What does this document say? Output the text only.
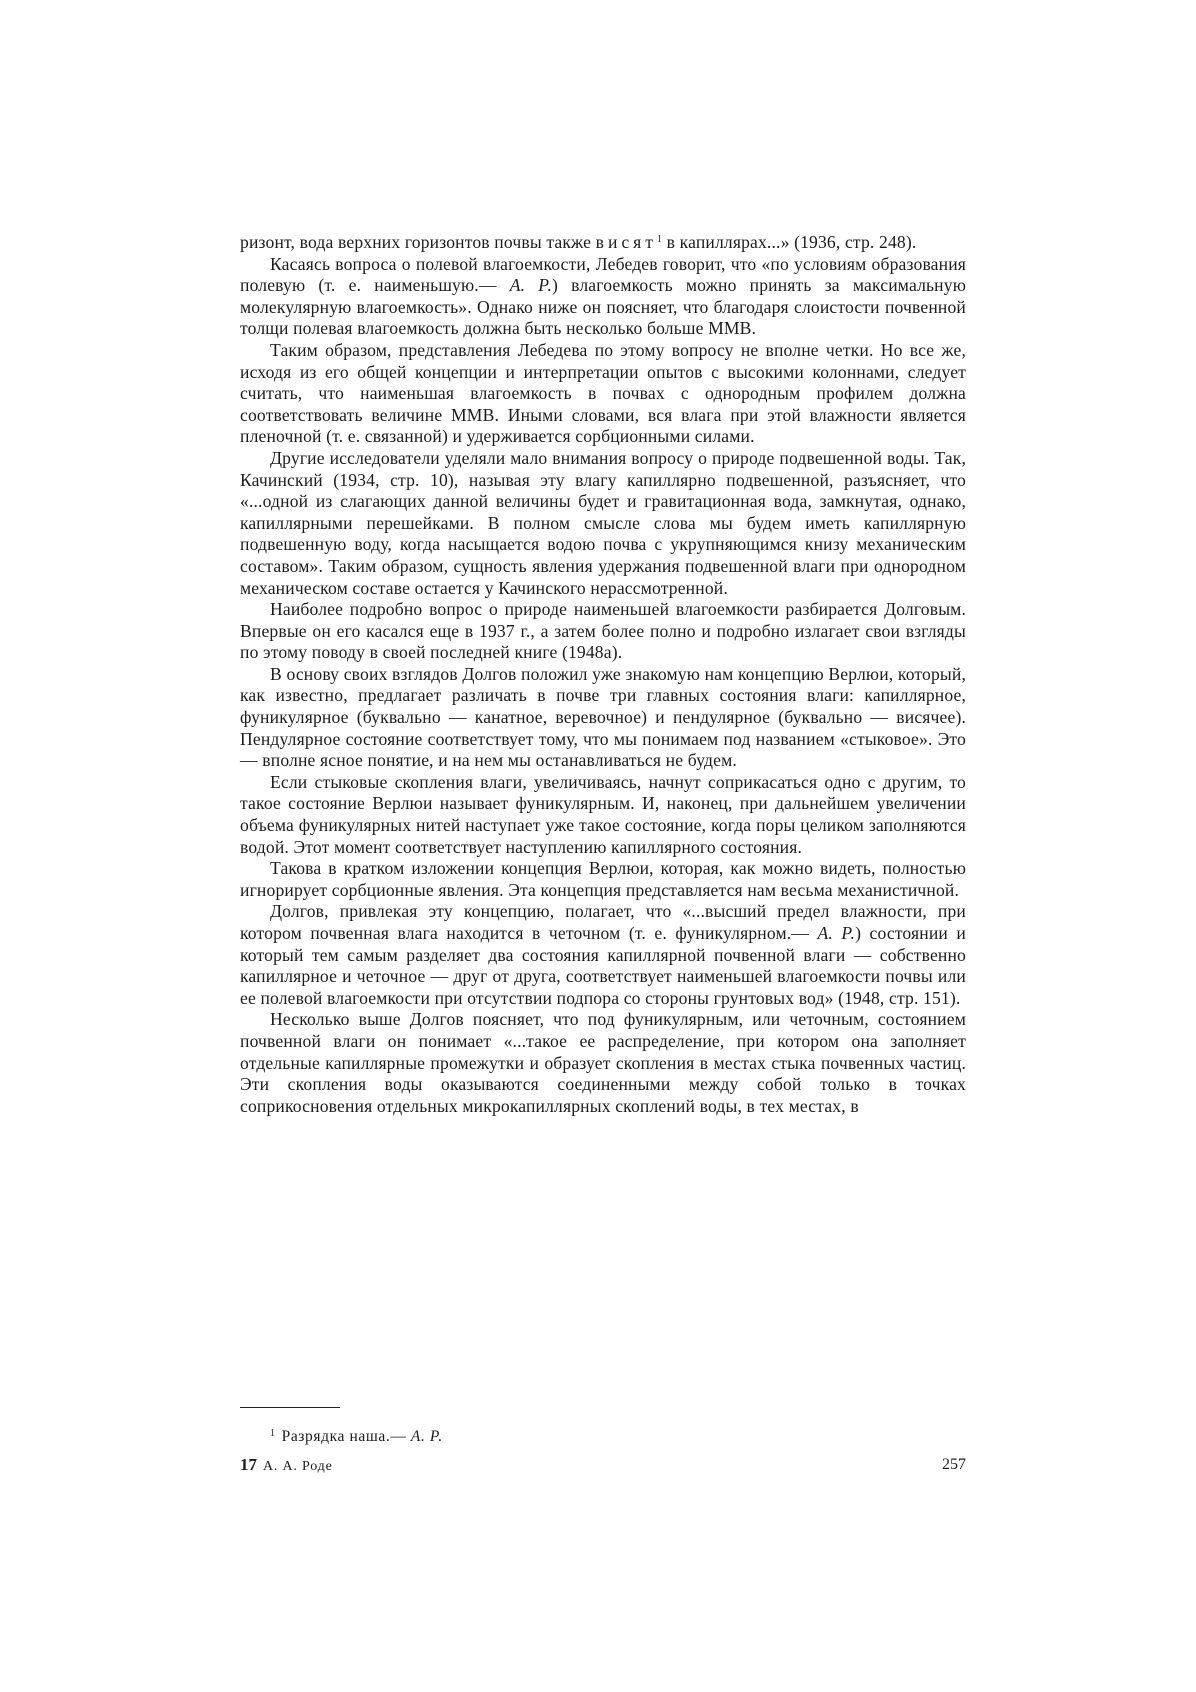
ризонт, вода верхних горизонтов почвы также висят$^1$ в капиллярах...» (1936, стр. 248).

Касаясь вопроса о полевой влагоемкости, Лебедев говорит, что «по условиям образования полевую (т. е. наименьшую.— А. Р.) влагоемкость можно принять за максимальную молекулярную влагоемкость». Однако ниже он поясняет, что благодаря слоистости почвенной толщи полевая влагоемкость должна быть несколько больше ММВ.

Таким образом, представления Лебедева по этому вопросу не вполне четки. Но все же, исходя из его общей концепции и интерпретации опытов с высокими колоннами, следует считать, что наименьшая влагоемкость в почвах с однородным профилем должна соответствовать величине ММВ. Иными словами, вся влага при этой влажности является пленочной (т. е. связанной) и удерживается сорбционными силами.

Другие исследователи уделяли мало внимания вопросу о природе подвешенной воды. Так, Качинский (1934, стр. 10), называя эту влагу капиллярно подвешенной, разъясняет, что «...одной из слагающих данной величины будет и гравитационная вода, замкнутая, однако, капиллярными перешейками. В полном смысле слова мы будем иметь капиллярную подвешенную воду, когда насыщается водою почва с укрупняющимся книзу механическим составом». Таким образом, сущность явления удержания подвешенной влаги при однородном механическом составе остается у Качинского нерассмотренной.

Наиболее подробно вопрос о природе наименьшей влагоемкости разбирается Долговым. Впервые он его касался еще в 1937 г., а затем более полно и подробно излагает свои взгляды по этому поводу в своей последней книге (1948а).

В основу своих взглядов Долгов положил уже знакомую нам концепцию Верлюи, который, как известно, предлагает различать в почве три главных состояния влаги: капиллярное, фуникулярное (буквально — канатное, веревочное) и пендулярное (буквально — висячее). Пендулярное состояние соответствует тому, что мы понимаем под названием «стыковое». Это — вполне ясное понятие, и на нем мы останавливаться не будем.

Если стыковые скопления влаги, увеличиваясь, начнут соприкасаться одно с другим, то такое состояние Верлюи называет фуникулярным. И, наконец, при дальнейшем увеличении объема фуникулярных нитей наступает уже такое состояние, когда поры целиком заполняются водой. Этот момент соответствует наступлению капиллярного состояния.

Такова в кратком изложении концепция Верлюи, которая, как можно видеть, полностью игнорирует сорбционные явления. Эта концепция представляется нам весьма механистичной.

Долгов, привлекая эту концепцию, полагает, что «...высший предел влажности, при котором почвенная влага находится в четочном (т. е. фуникулярном.— А. Р.) состоянии и который тем самым разделяет два состояния капиллярной почвенной влаги — собственно капиллярное и четочное — друг от друга, соответствует наименьшей влагоемкости почвы или ее полевой влагоемкости при отсутствии подпора со стороны грунтовых вод» (1948, стр. 151).

Несколько выше Долгов поясняет, что под фуникулярным, или четочным, состоянием почвенной влаги он понимает «...такое ее распределение, при котором она заполняет отдельные капиллярные промежутки и образует скопления в местах стыка почвенных частиц. Эти скопления воды оказываются соединенными между собой только в точках соприкосновения отдельных микрокапиллярных скоплений воды, в тех местах, в

$^1$ Разрядка наша.— А. Р.
17 А. А. Роде	257
